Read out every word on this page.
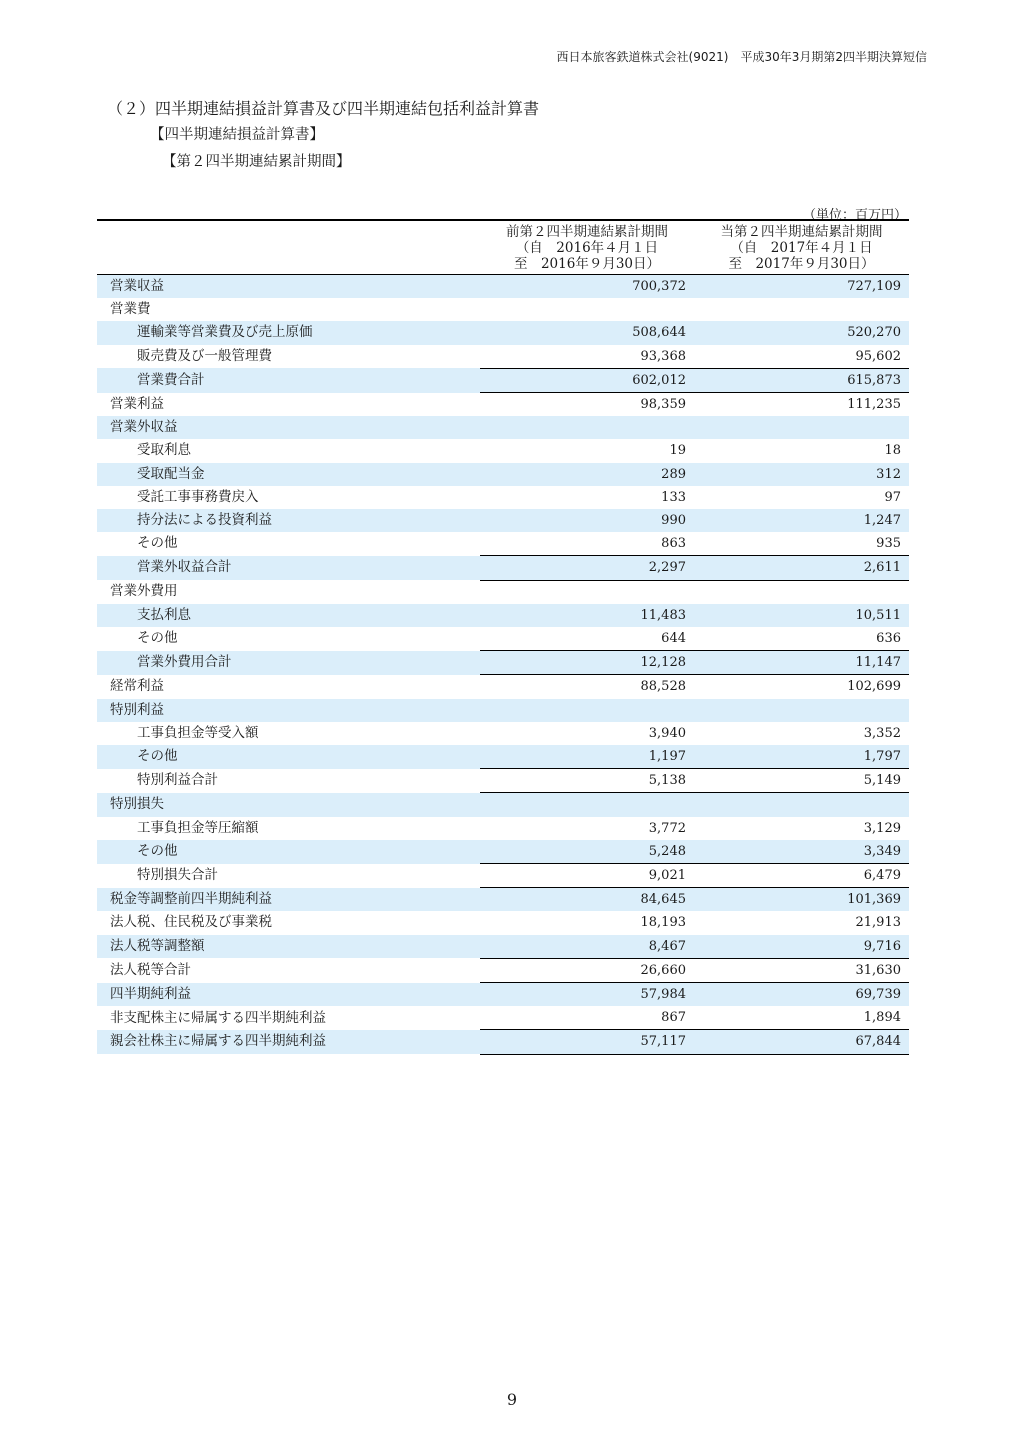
西日本旅客鉄道株式会社(9021)　 平成30年3月期第2四半期決算短信
（２）四半期連結損益計算書及び四半期連結包括利益計算書
【四半期連結損益計算書】
【第２四半期連結累計期間】
（単位：百万円）

	前第２四半期連結累計期間
（自　2016年４月１日
至　2016年９月30日）	当第２四半期連結累計期間
（自　2017年４月１日
至　2017年９月30日）

営業収益	700,372	727,109
営業費		
運輸業等営業費及び売上原価	508,644	520,270
販売費及び一般管理費	93,368	95,602
営業費合計	602,012	615,873
営業利益	98,359	111,235
営業外収益		
受取利息	19	18
受取配当金	289	312
受託工事事務費戻入	133	97
持分法による投資利益	990	1,247
その他	863	935
営業外収益合計	2,297	2,611
営業外費用		
支払利息	11,483	10,511
その他	644	636
営業外費用合計	12,128	11,147
経常利益	88,528	102,699
特別利益		
工事負担金等受入額	3,940	3,352
その他	1,197	1,797
特別利益合計	5,138	5,149
特別損失		
工事負担金等圧縮額	3,772	3,129
その他	5,248	3,349
特別損失合計	9,021	6,479
税金等調整前四半期純利益	84,645	101,369
法人税、住民税及び事業税	18,193	21,913
法人税等調整額	8,467	9,716
法人税等合計	26,660	31,630
四半期純利益	57,984	69,739
非支配株主に帰属する四半期純利益	867	1,894
親会社株主に帰属する四半期純利益	57,117	67,844
9
